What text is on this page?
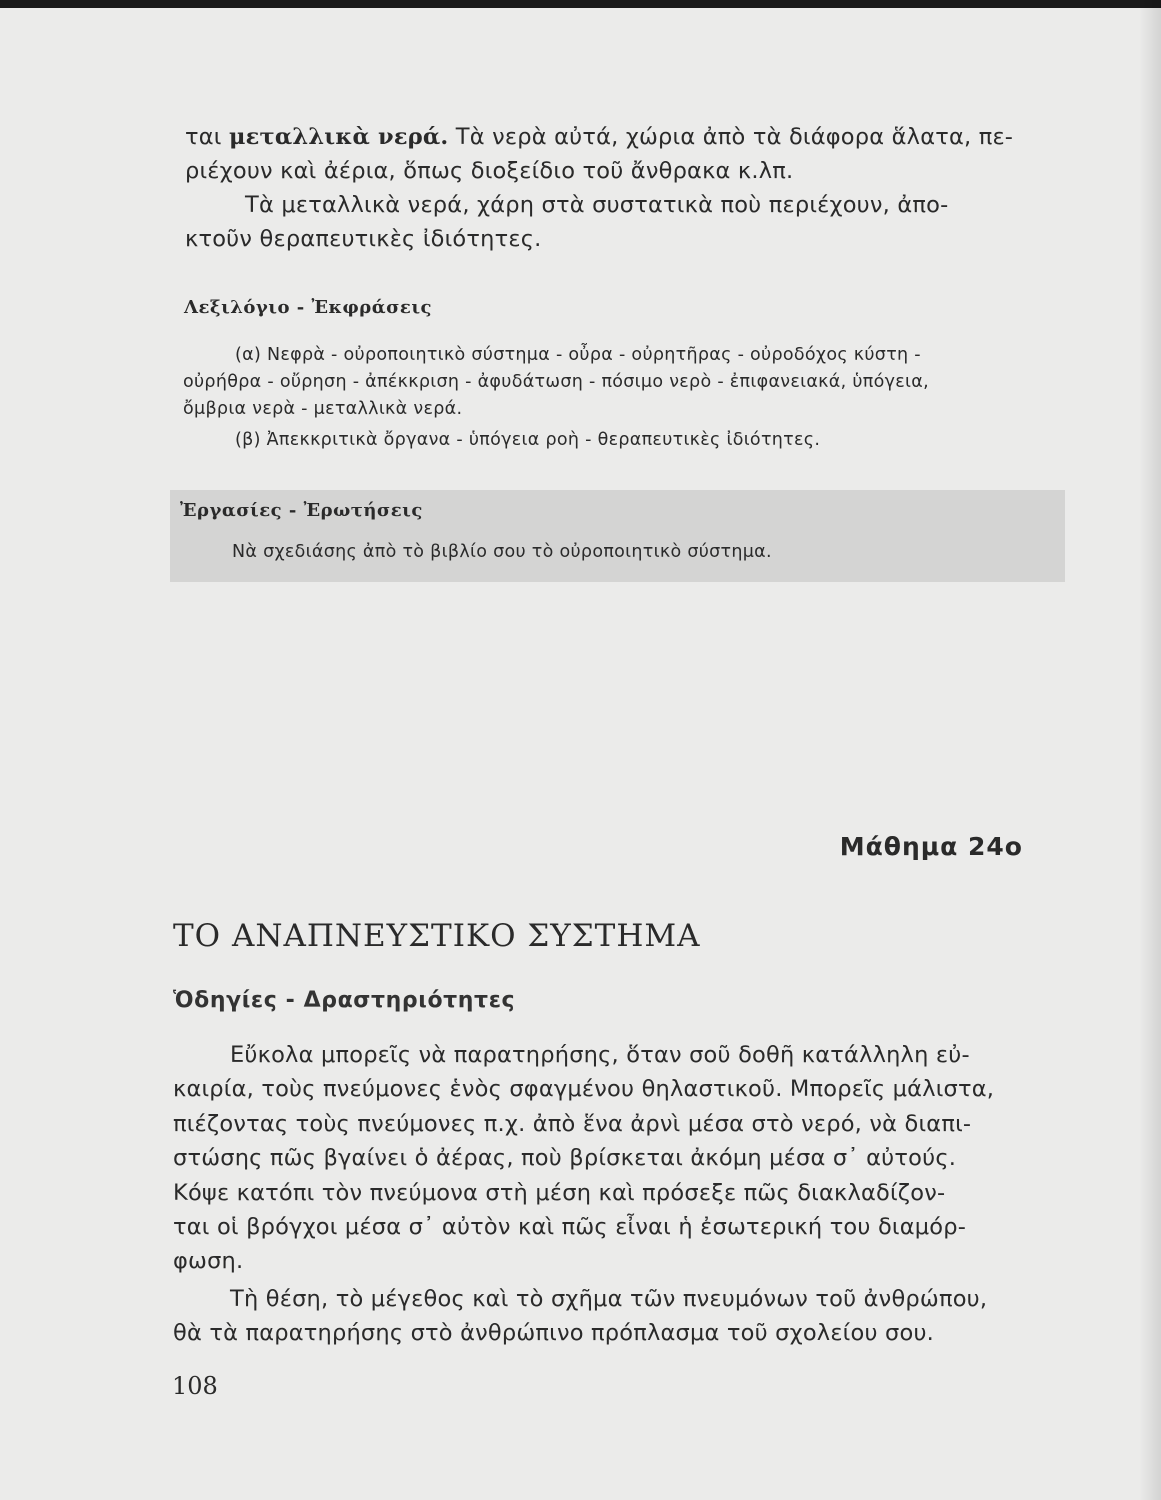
ται μεταλλικὰ νερά. Τὰ νερὰ αὐτά, χώρια ἀπὸ τὰ διάφορα ἅλατα, πε-

ριέχουν καὶ ἀέρια, ὅπως διοξείδιο τοῦ ἄνθρακα κ.λπ.

Τὰ μεταλλικὰ νερά, χάρη στὰ συστατικὰ ποὺ περιέχουν, ἀπο-

κτοῦν θεραπευτικὲς ἰδιότητες.

Λεξιλόγιο - Ἐκφράσεις

(α) Νεφρὰ - οὐροποιητικὸ σύστημα - οὖρα - οὐρητῆρας - οὐροδόχος κύστη -

οὐρήθρα - οὔρηση - ἀπέκκριση - ἀφυδάτωση - πόσιμο νερὸ - ἐπιφανειακά, ὑπόγεια,

ὄμβρια νερὰ - μεταλλικὰ νερά.

(β) Ἀπεκκριτικὰ ὄργανα - ὑπόγεια ροὴ - θεραπευτικὲς ἰδιότητες.

Ἐργασίες - Ἐρωτήσεις

Νὰ σχεδιάσης ἀπὸ τὸ βιβλίο σου τὸ οὐροποιητικὸ σύστημα.

Μάθημα 24ο
ΤΟ ΑΝΑΠΝΕΥΣΤΙΚΟ ΣΥΣΤΗΜΑ
Ὁδηγίες - Δραστηριότητες

Εὔκολα μπορεῖς νὰ παρατηρήσης, ὅταν σοῦ δοθῆ κατάλληλη εὐ-

καιρία, τοὺς πνεύμονες ἑνὸς σφαγμένου θηλαστικοῦ. Μπορεῖς μάλιστα,

πιέζοντας τοὺς πνεύμονες π.χ. ἀπὸ ἕνα ἀρνὶ μέσα στὸ νερό, νὰ διαπι-

στώσης πῶς βγαίνει ὁ ἀέρας, ποὺ βρίσκεται ἀκόμη μέσα σ᾿ αὐτούς.

Κόψε κατόπι τὸν πνεύμονα στὴ μέση καὶ πρόσεξε πῶς διακλαδίζον-

ται οἱ βρόγχοι μέσα σ᾿ αὐτὸν καὶ πῶς εἶναι ἡ ἐσωτερική του διαμόρ-

φωση.

Τὴ θέση, τὸ μέγεθος καὶ τὸ σχῆμα τῶν πνευμόνων τοῦ ἀνθρώπου,

θὰ τὰ παρατηρήσης στὸ ἀνθρώπινο πρόπλασμα τοῦ σχολείου σου.

108
